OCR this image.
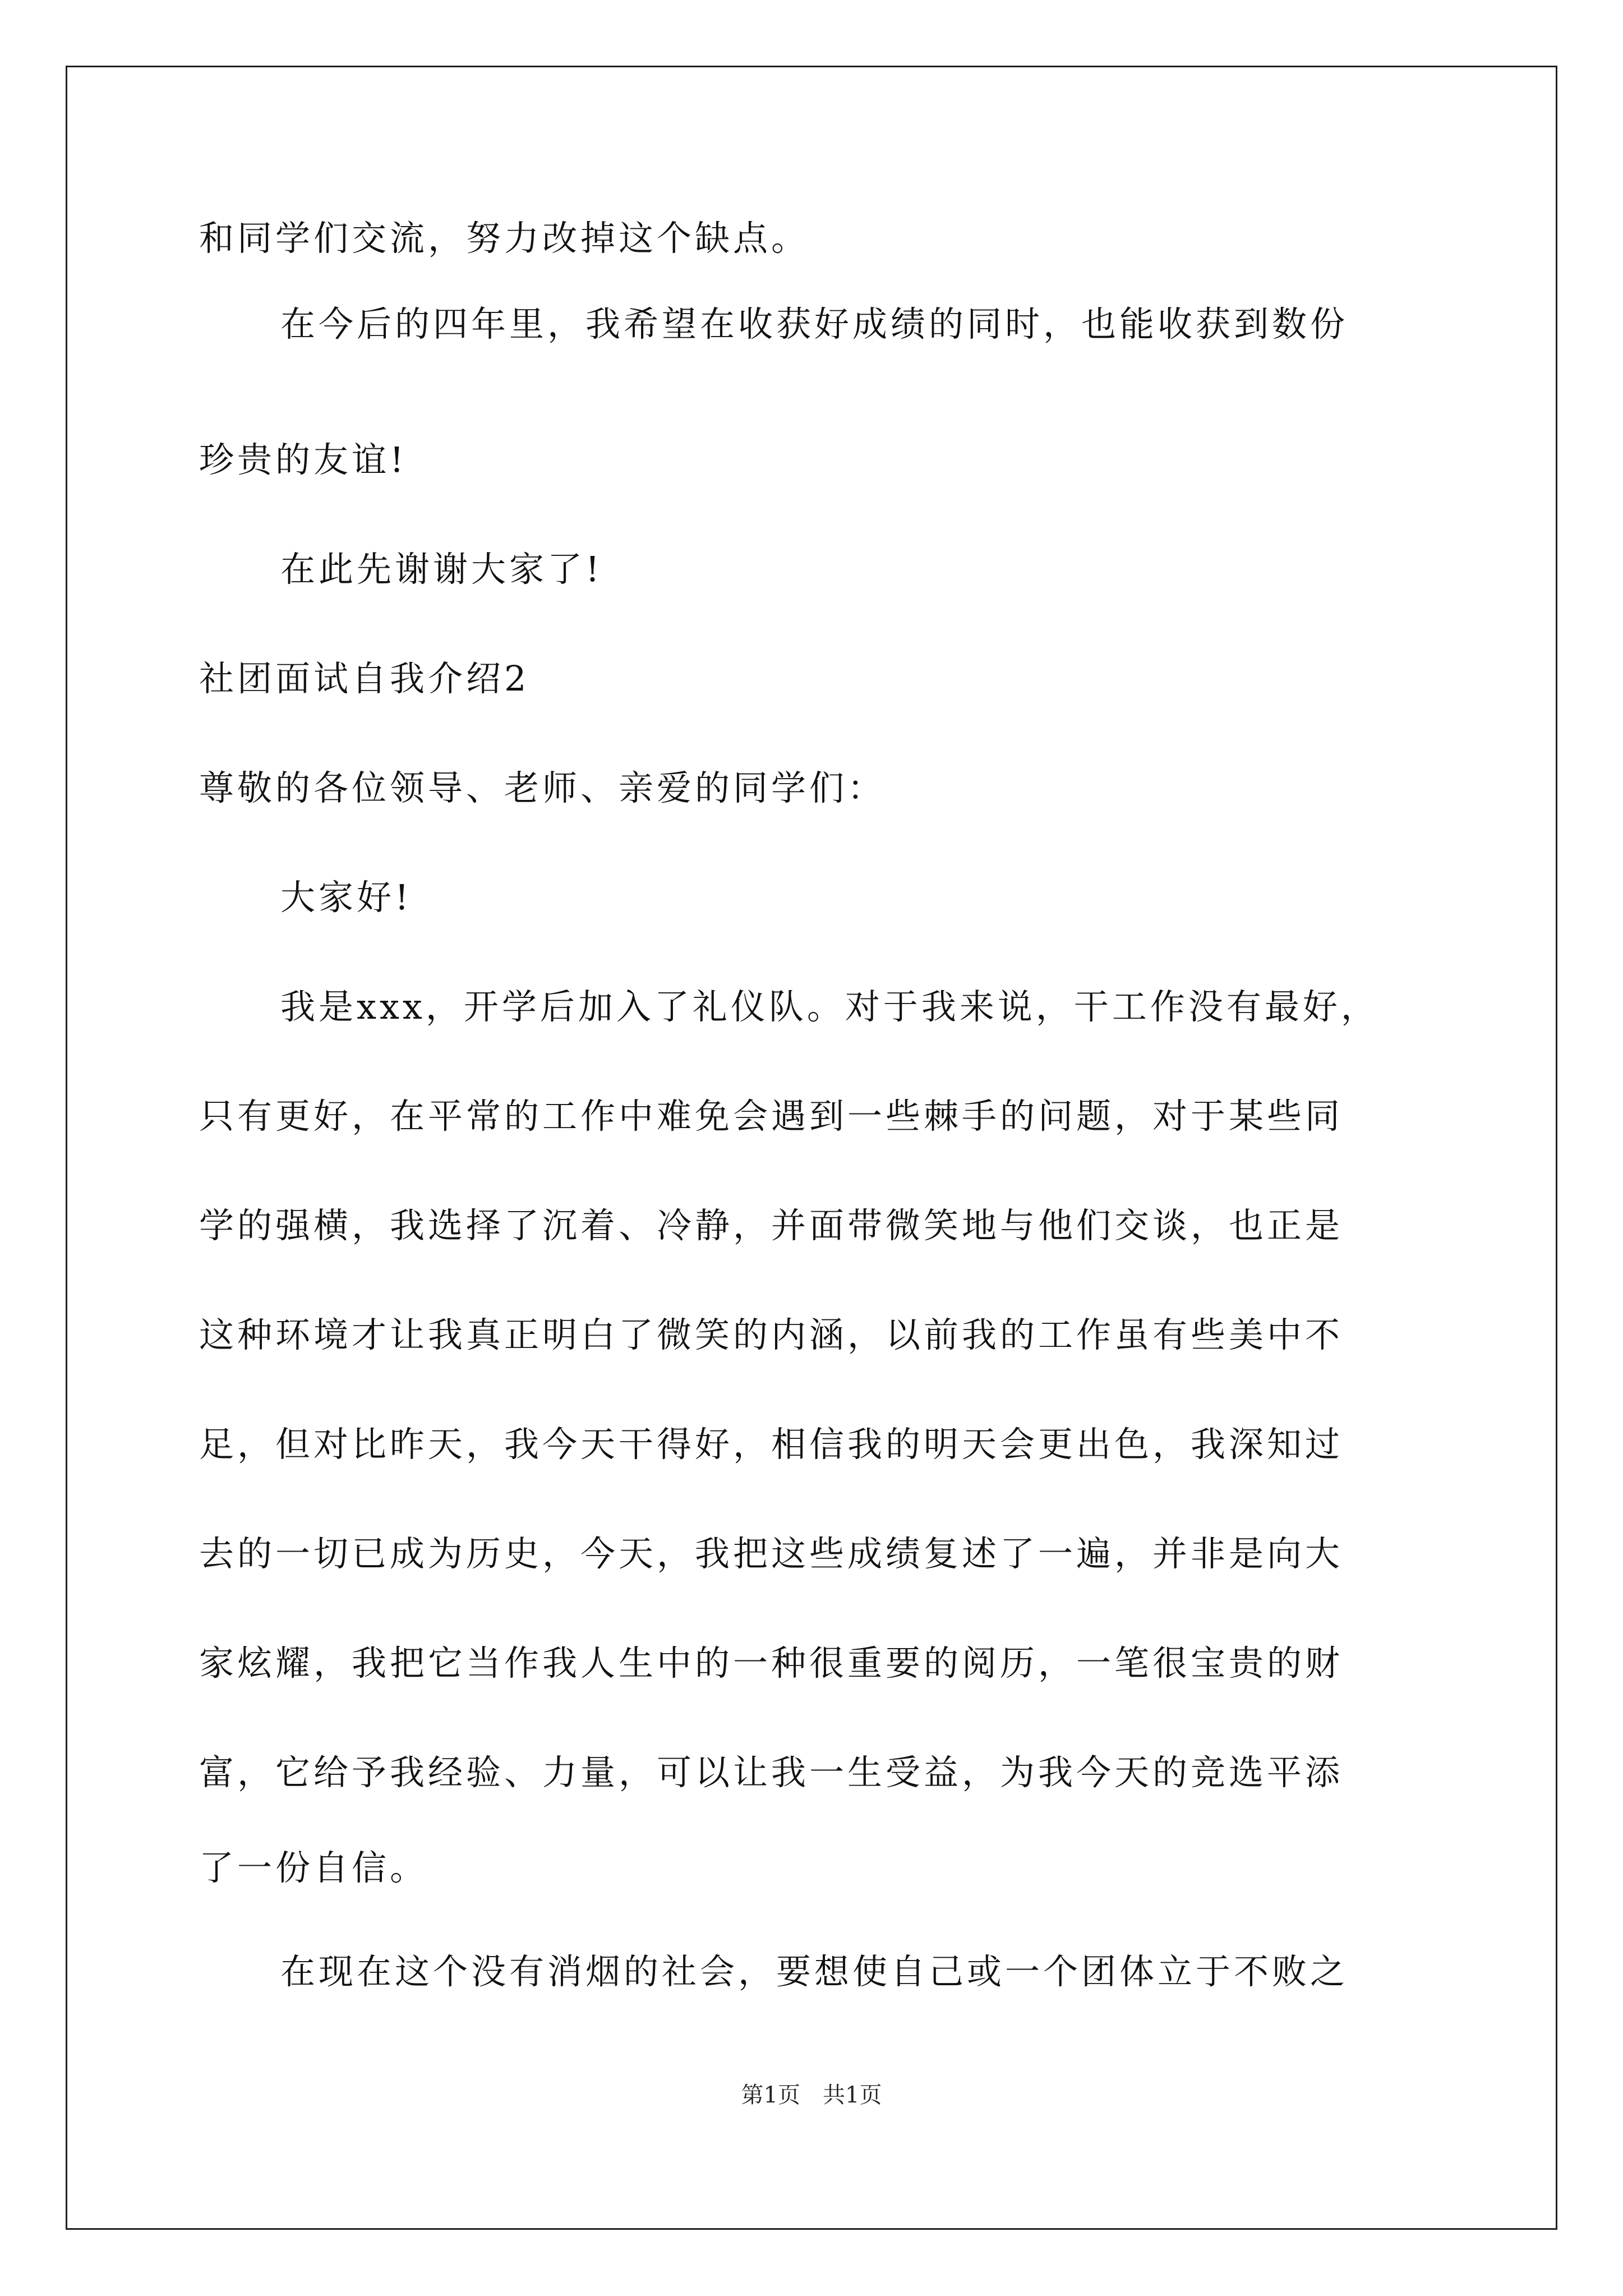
和同学们交流，努力改掉这个缺点。
在今后的四年里，我希望在收获好成绩的同时，也能收获到数份
珍贵的友谊!
在此先谢谢大家了!
社团面试自我介绍2
尊敬的各位领导、老师、亲爱的同学们：
大家好!
我是xxx，开学后加入了礼仪队。对于我来说，干工作没有最好，
只有更好，在平常的工作中难免会遇到一些棘手的问题，对于某些同
学的强横，我选择了沉着、冷静，并面带微笑地与他们交谈，也正是
这种环境才让我真正明白了微笑的内涵，以前我的工作虽有些美中不
足，但对比昨天，我今天干得好，相信我的明天会更出色，我深知过
去的一切已成为历史，今天，我把这些成绩复述了一遍，并非是向大
家炫耀，我把它当作我人生中的一种很重要的阅历，一笔很宝贵的财
富，它给予我经验、力量，可以让我一生受益，为我今天的竞选平添
了一份自信。
在现在这个没有消烟的社会，要想使自己或一个团体立于不败之
第1页　共1页
